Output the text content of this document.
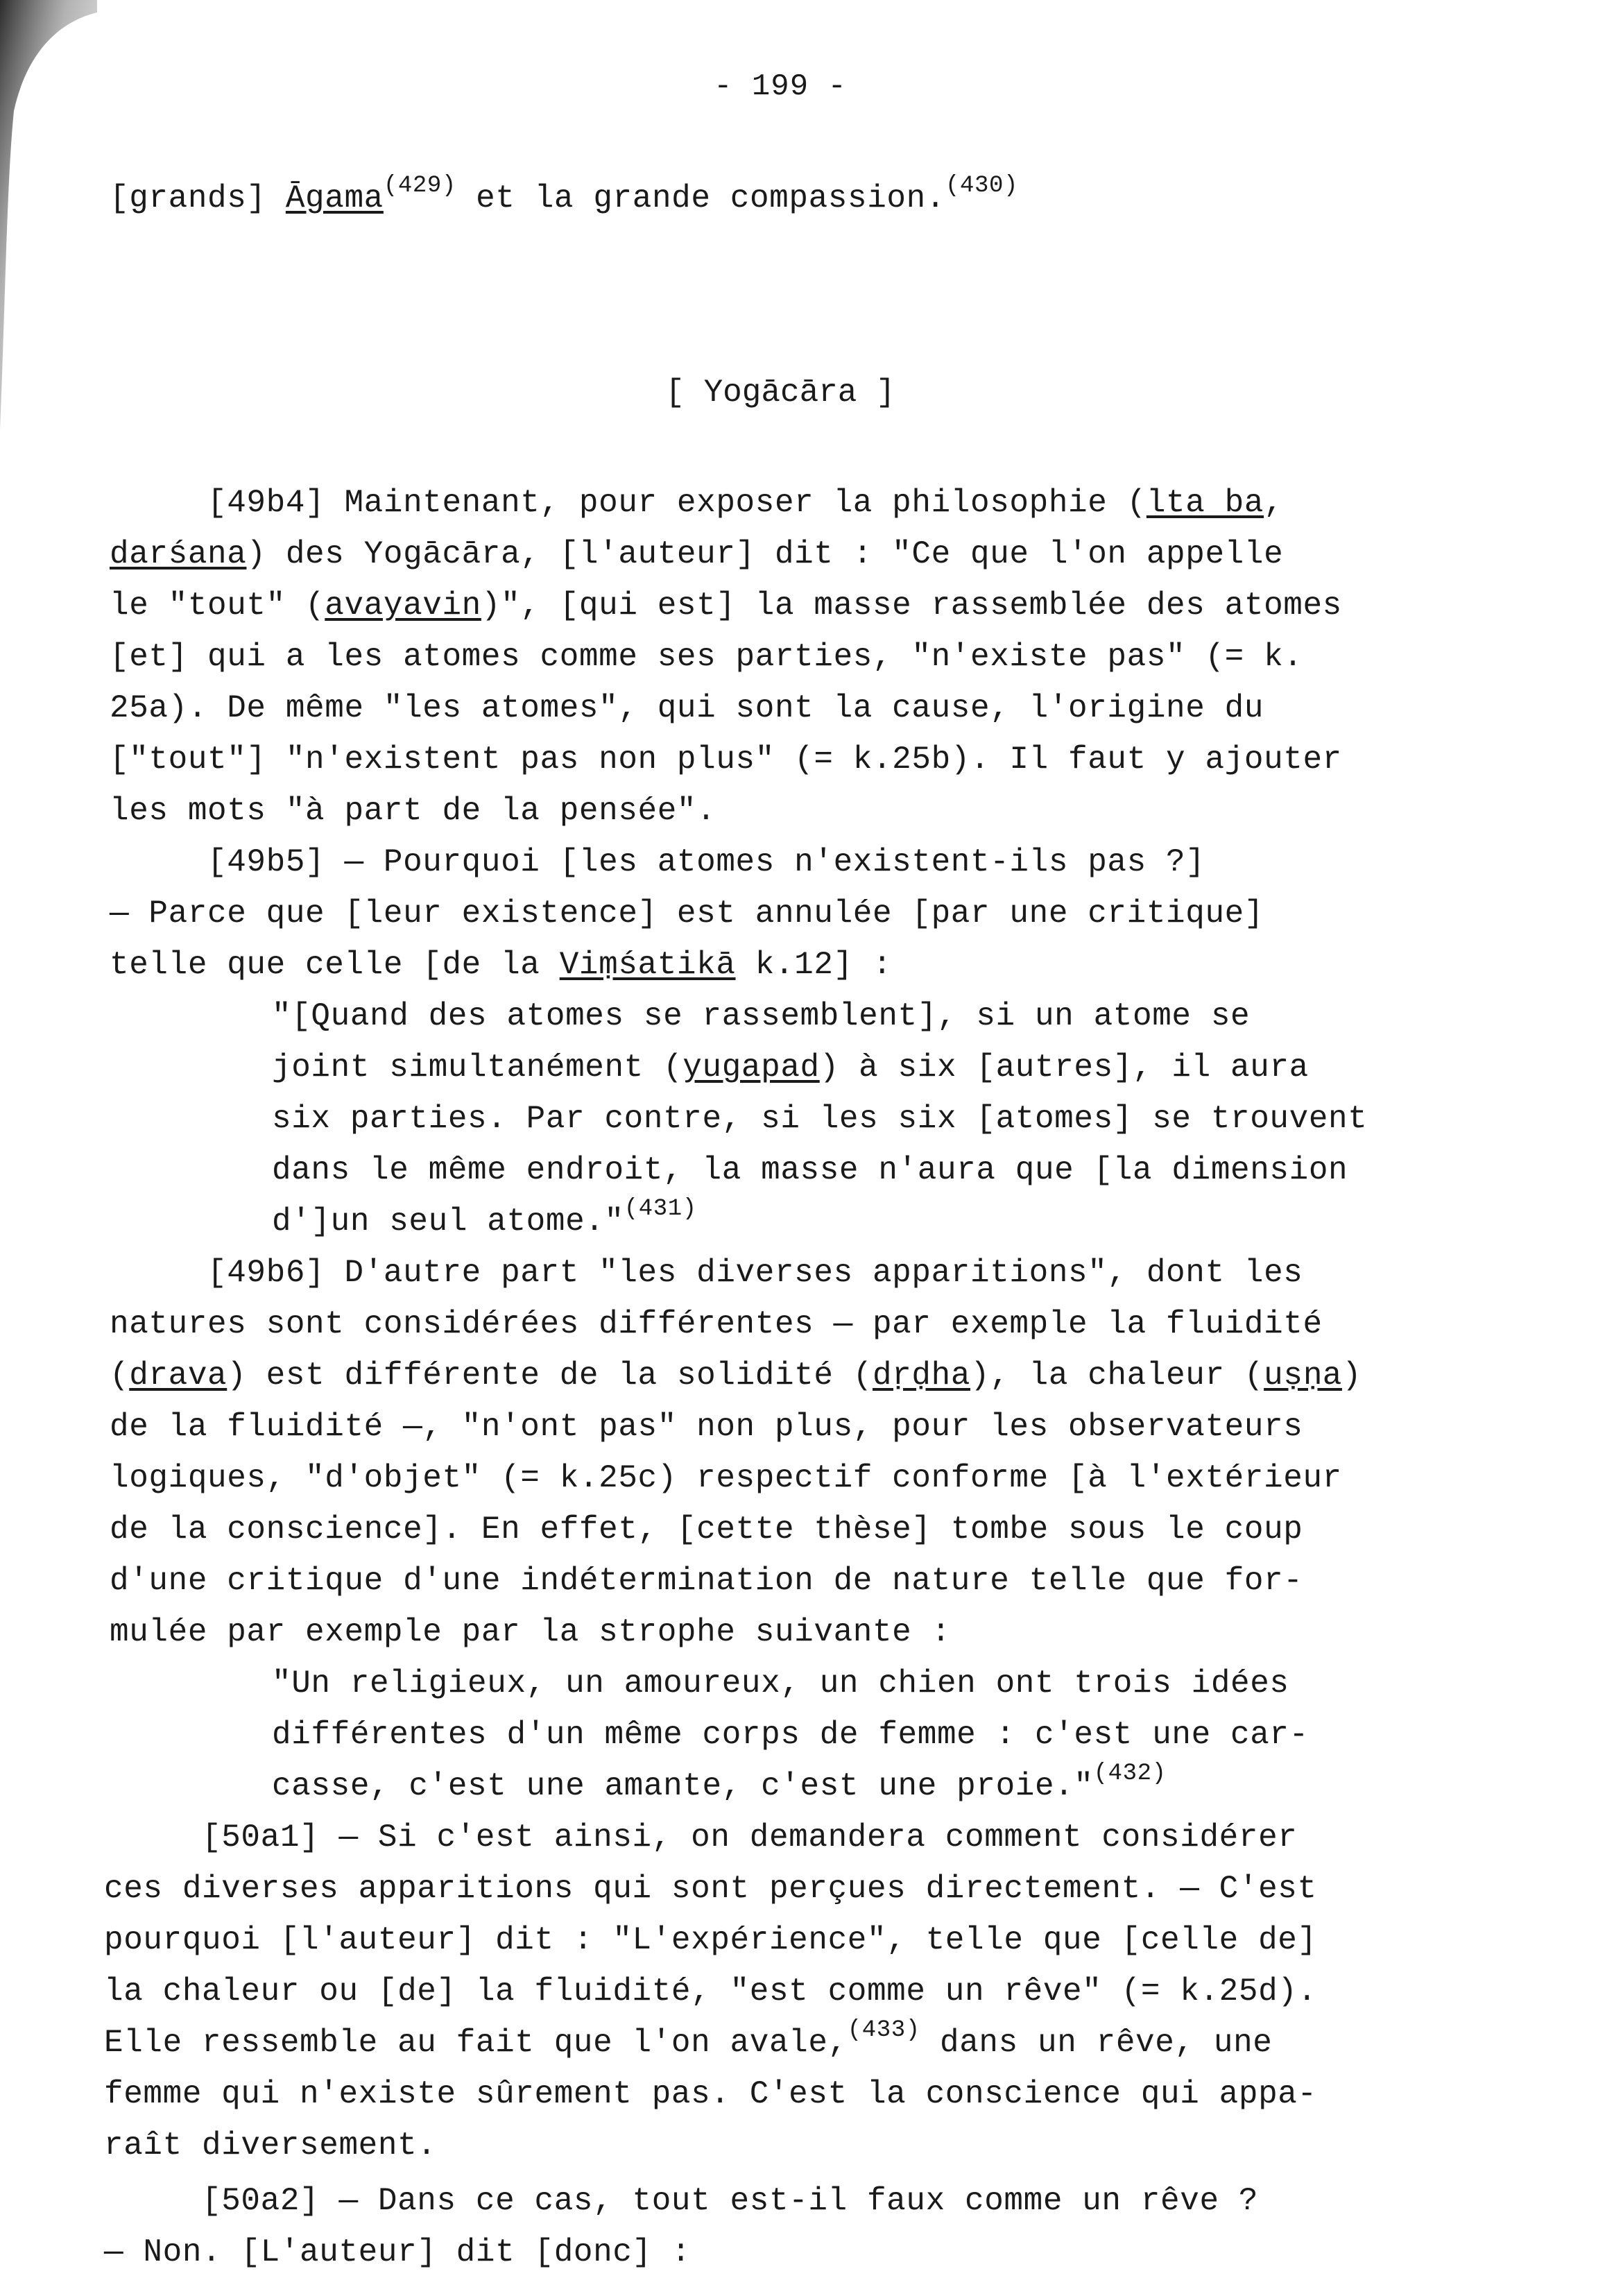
- 199 -
[grands] Āgama$^{(429)}$ et la grande compassion.$^{(430)}$
[ Yogācāra ]
[49b4] Maintenant, pour exposer la philosophie (lta ba,
darśana) des Yogācāra, [l'auteur] dit : "Ce que l'on appelle
le "tout" (avayavin)", [qui est] la masse rassemblée des atomes
[et] qui a les atomes comme ses parties, "n'existe pas" (= k.
25a). De même "les atomes", qui sont la cause, l'origine du
["tout"] "n'existent pas non plus" (= k.25b). Il faut y ajouter
les mots "à part de la pensée".
[49b5] — Pourquoi [les atomes n'existent-ils pas ?]
— Parce que [leur existence] est annulée [par une critique]
telle que celle [de la Viṃśatikā k.12] :
"[Quand des atomes se rassemblent], si un atome se
joint simultanément (yugapad) à six [autres], il aura
six parties. Par contre, si les six [atomes] se trouvent
dans le même endroit, la masse n'aura que [la dimension
d']un seul atome."$^{(431)}$
[49b6] D'autre part "les diverses apparitions", dont les
natures sont considérées différentes — par exemple la fluidité
(drava) est différente de la solidité (dṛḍha), la chaleur (uṣṇa)
de la fluidité —, "n'ont pas" non plus, pour les observateurs
logiques, "d'objet" (= k.25c) respectif conforme [à l'extérieur
de la conscience]. En effet, [cette thèse] tombe sous le coup
d'une critique d'une indétermination de nature telle que for-
mulée par exemple par la strophe suivante :
"Un religieux, un amoureux, un chien ont trois idées
différentes d'un même corps de femme : c'est une car-
casse, c'est une amante, c'est une proie."$^{(432)}$
[50a1] — Si c'est ainsi, on demandera comment considérer
ces diverses apparitions qui sont perçues directement. — C'est
pourquoi [l'auteur] dit : "L'expérience", telle que [celle de]
la chaleur ou [de] la fluidité, "est comme un rêve" (= k.25d).
Elle ressemble au fait que l'on avale,$^{(433)}$ dans un rêve, une
femme qui n'existe sûrement pas. C'est la conscience qui appa-
raît diversement.
[50a2] — Dans ce cas, tout est-il faux comme un rêve ?
— Non. [L'auteur] dit [donc] :
